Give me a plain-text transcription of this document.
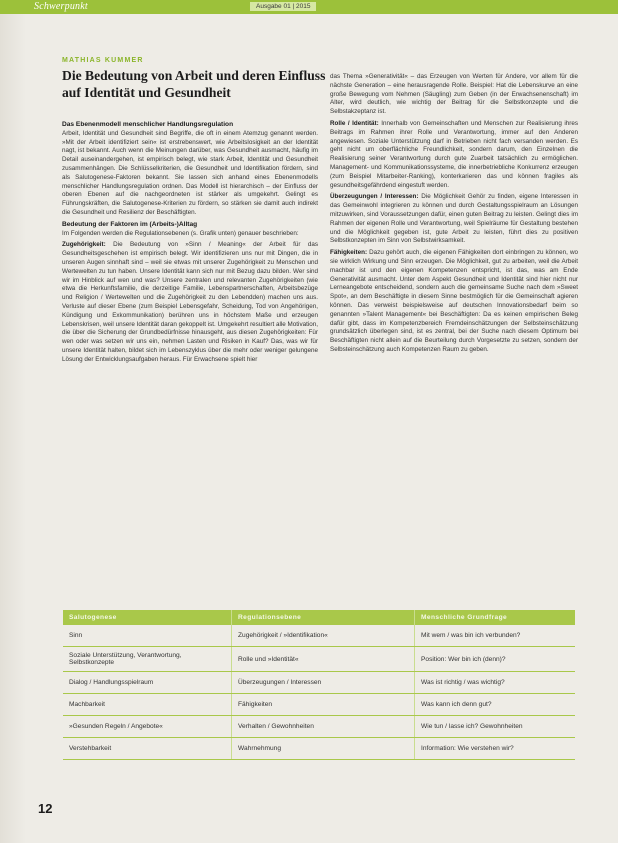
Schwerpunkt	Ausgabe 01 | 2015
MATHIAS KUMMER
Die Bedeutung von Arbeit und deren Einfluss auf Identität und Gesundheit
Das Ebenenmodell menschlicher Handlungsregulation

Arbeit, Identität und Gesundheit sind Begriffe, die oft in einem Atemzug genannt werden. »Mit der Arbeit identifiziert sein« ist erstrebenswert, wie Arbeitslosigkeit an der Identität nagt, ist bekannt. Auch wenn die Meinungen darüber, was Gesundheit ausmacht, häufig im Detail auseinandergehen, ist empirisch belegt, wie stark Arbeit, Identität und Gesundheit zusammenhängen. Die Schlüsselkriterien, die Gesundheit und Identifikation fördern, sind als Salutogenese-Faktoren bekannt. Sie lassen sich anhand eines Ebenenmodells menschlicher Handlungsregulation ordnen. Das Modell ist hierarchisch – der Einfluss der oberen Ebenen auf die nachgeordneten ist stärker als umgekehrt. Gelingt es Führungskräften, die Salutogenese-Kriterien zu fördern, so stärken sie damit auch indirekt die Gesundheit und Resilienz der Beschäftigten.

Bedeutung der Faktoren im (Arbeits-)Alltag

Im Folgenden werden die Regulationsebenen (s. Grafik unten) genauer beschrieben:

Zugehörigkeit: Die Bedeutung von »Sinn / Meaning« der Arbeit für das Gesundheitsgeschehen ist empirisch belegt. Wir identifizieren uns nur mit Dingen, die in unseren Augen sinnhaft sind – weil sie etwas mit unserer Zugehörigkeit zu Menschen und Wertewelten zu tun haben. Unsere Identität kann sich nur mit Bezug dazu bilden. Wer sind wir im Hinblick auf wen und was? Unsere zentralen und relevanten Zugehörigkeiten (wie etwa die Herkunftsfamilie, die derzeitige Familie, Lebenspartnerschaften, Arbeitsbezüge und Religion / Wertewelten und die Zugehörigkeit zu den Lebendden) machen uns aus. Verluste auf dieser Ebene (zum Beispiel Lebensgefahr, Scheidung, Tod von Angehörigen, Kündigung und Exkommunikation) berühren uns in höchstem Maße und erzeugen Lebenskrisen, weil unsere Identität daran gekoppelt ist. Umgekehrt resultiert alle Motivation, die über die Sicherung der Grundbedürfnisse hinausgeht, aus diesen Zugehörigkeiten: Für wen oder was setzen wir uns ein, nehmen Lasten und Risiken in Kauf? Das, was wir für unsere Identität halten, bildet sich im Lebenszyklus über die mehr oder weniger gelungene Lösung der Entwicklungsaufgaben heraus. Für Erwachsene spielt hier

das Thema »Generativität« – das Erzeugen von Werten für Andere, vor allem für die nächste Generation – eine herausragende Rolle. Beispiel: Hat die Lebenskurve an eine große Bewegung vom Nehmen (Säugling) zum Geben (in der Erwachsenenschaft) im Alter, wird deutlich, wie wichtig der Beitrag für die Selbstkonzepte und die Selbstakzeptanz ist.

Rolle / Identität: Innerhalb von Gemeinschaften und Menschen zur Realisierung ihres Beitrags im Rahmen ihrer Rolle und Verantwortung, immer auf den Anderen angewiesen. Soziale Unterstützung darf in Betrieben nicht fach versanden werden. Es geht nicht um oberflächliche Freundlichkeit, sondern darum, den Einzelnen die Realisierung seiner Verantwortung durch gute Zuarbeit tatsächlich zu ermöglichen. Management- und Kommunikationssysteme, die innerbetriebliche Konkurrenz erzeugen (zum Beispiel Mitarbeiter-Ranking), konterkarieren das und können fragiles als gesundheitsgefährdend eingestuft werden.

Überzeugungen / Interessen: Die Möglichkeit Gehör zu finden, eigene Interessen in das Gemeinwohl integrieren zu können und durch Gestaltungsspielraum an Lösungen mitzuwirken, sind Voraussetzungen dafür, einen guten Beitrag zu leisten. Gelingt dies im Rahmen der eigenen Rolle und Verantwortung, weil Spielräume für Gestaltung bestehen und die Möglichkeit gegeben ist, gute Arbeit zu leisten, führt dies zu positiven Selbstkonzepten im Sinn von Selbstwirksamkeit.

Fähigkeiten: Dazu gehört auch, die eigenen Fähigkeiten dort einbringen zu können, wo sie wirklich Wirkung und Sinn erzeugen. Die Möglichkeit, gut zu arbeiten, weil die Arbeit machbar ist und den eigenen Kompetenzen entspricht, ist das, was am Ende Generativität ausmacht. Unter dem Aspekt Gesundheit und Identität sind hier nicht nur Lerneangebote entscheidend, sondern auch die gemeinsame Suche nach dem »Sweet Spot«, an dem Beschäftigte in diesem Sinne bestmöglich für die Gemeinschaft agieren können. Das verweist beispielsweise auf deutschen Innovationsbedarf beim so genannten »Talent Management« bei Beschäftigten: Da es keinen empirischen Beleg dafür gibt, dass im Kompetenzbereich Fremdeinschätzungen der Selbsteinschätzung grundsätzlich überlegen sind, ist es zentral, bei der Suche nach diesem Optimum bei Beschäftigten nicht allein auf die Beurteilung durch Vorgesetzte zu setzen, sondern der Selbsteinschätzung auch Kompetenzen Raum zu geben.

Salutogenese	Regulationsebene	Menschliche Grundfrage
Sinn	Zugehörigkeit / »Identifikation«	Mit wem / was bin ich verbunden?
Soziale Unterstützung, Verantwortung, Selbstkonzepte	Rolle und »Identität«	Position: Wer bin ich (denn)?
Dialog / Handlungsspielraum	Überzeugungen / Interessen	Was ist richtig / was wichtig?
Machbarkeit	Fähigkeiten	Was kann ich denn gut?
»Gesunden Regeln / Angebote«	Verhalten / Gewohnheiten	Wie tun / lasse ich? Gewohnheiten
Verstehbarkeit	Wahrnehmung	Information: Wie verstehen wir?
12
